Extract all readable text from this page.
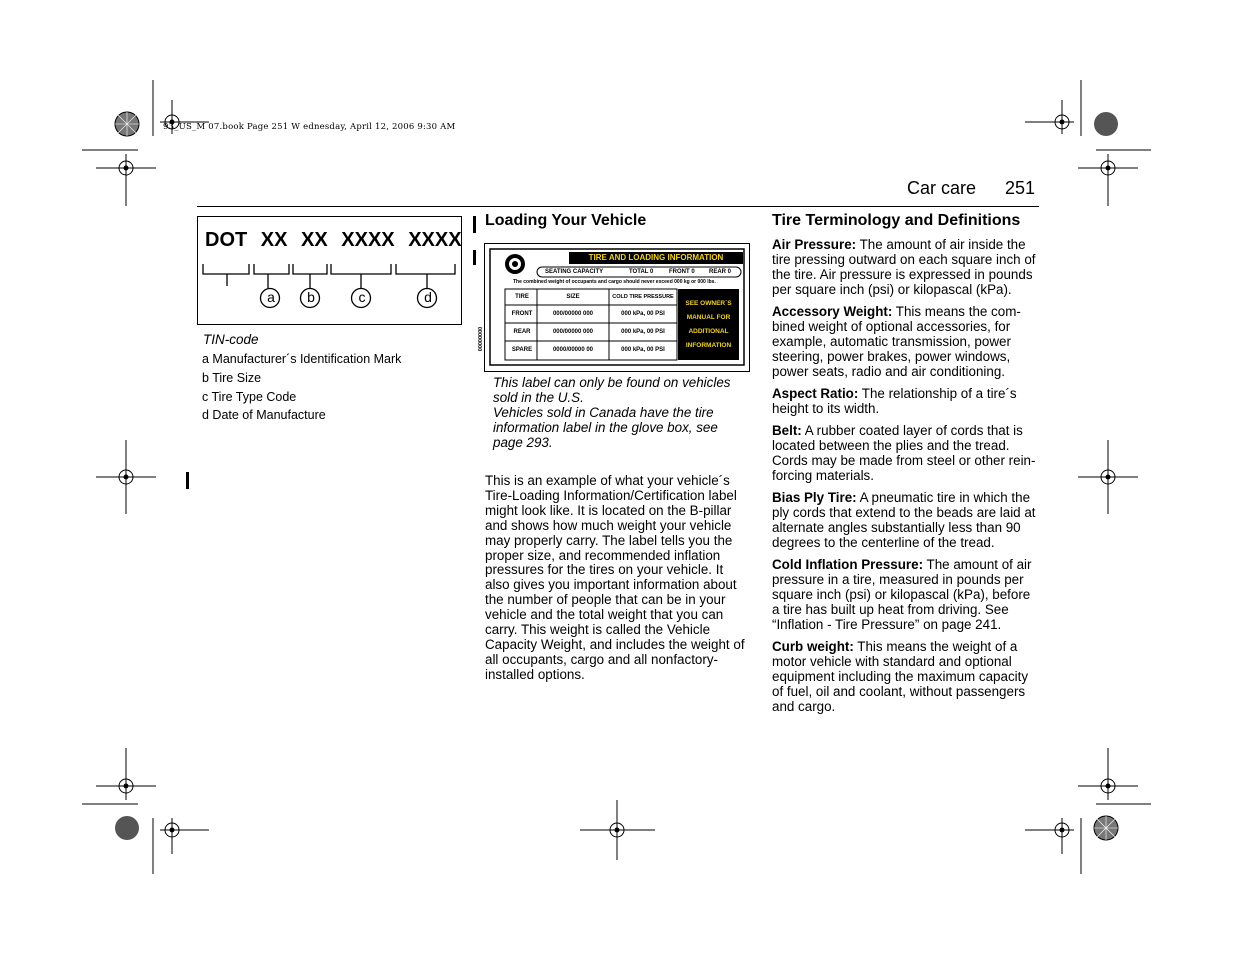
93_US_M 07.book Page 251 W ednesday, April 12, 2006 9:30 AM
Car care 251
DOT XX XX XXXX XXXX
a b	c	d
TIN-code
a Manufacturer´s Identification Mark
b Tire Size
c Tire Type Code
d Date of Manufacture
Loading Your Vehicle
TIRE AND LOADING INFORMATION
SEATING CAPACITY	TOTAL 0	FRONT 0 REAR 0
The combined weight of occupants and cargo should never exceed 000 kg or 000 lbs.
TIRE	SIZE	COLD TIRE PRESSURE
FRONT	000/00000 000	000 kPa, 00 PSI
REAR	000/00000 000	000 kPa, 00 PSI
SPARE	0000/00000 00	000 kPa, 00 PSI
SEE OWNER´S
MANUAL FOR
ADDITIONAL
INFORMATION
00000000
This label can only be found on vehicles
sold in the U.S.
Vehicles sold in Canada have the tire
information label in the glove box, see
page 293.
This is an example of what your vehicle´s
Tire-Loading Information/Certification label
might look like. It is located on the B-pillar
and shows how much weight your vehicle
may properly carry. The label tells you the
proper size, and recommended inflation
pressures for the tires on your vehicle. It
also gives you important information about
the number of people that can be in your
vehicle and the total weight that you can
carry. This weight is called the Vehicle
Capacity Weight, and includes the weight of
all occupants, cargo and all nonfactory-
installed options.
Tire Terminology and Definitions
Air Pressure: The amount of air inside the
tire pressing outward on each square inch of
the tire. Air pressure is expressed in pounds
per square inch (psi) or kilopascal (kPa).
Accessory Weight: This means the com-
bined weight of optional accessories, for
example, automatic transmission, power
steering, power brakes, power windows,
power seats, radio and air conditioning.
Aspect Ratio: The relationship of a tire´s
height to its width.
Belt: A rubber coated layer of cords that is
located between the plies and the tread.
Cords may be made from steel or other rein-
forcing materials.
Bias Ply Tire: A pneumatic tire in which the
ply cords that extend to the beads are laid at
alternate angles substantially less than 90
degrees to the centerline of the tread.
Cold Inflation Pressure: The amount of air
pressure in a tire, measured in pounds per
square inch (psi) or kilopascal (kPa), before
a tire has built up heat from driving. See
“Inflation - Tire Pressure” on page 241.
Curb weight: This means the weight of a
motor vehicle with standard and optional
equipment including the maximum capacity
of fuel, oil and coolant, without passengers
and cargo.
